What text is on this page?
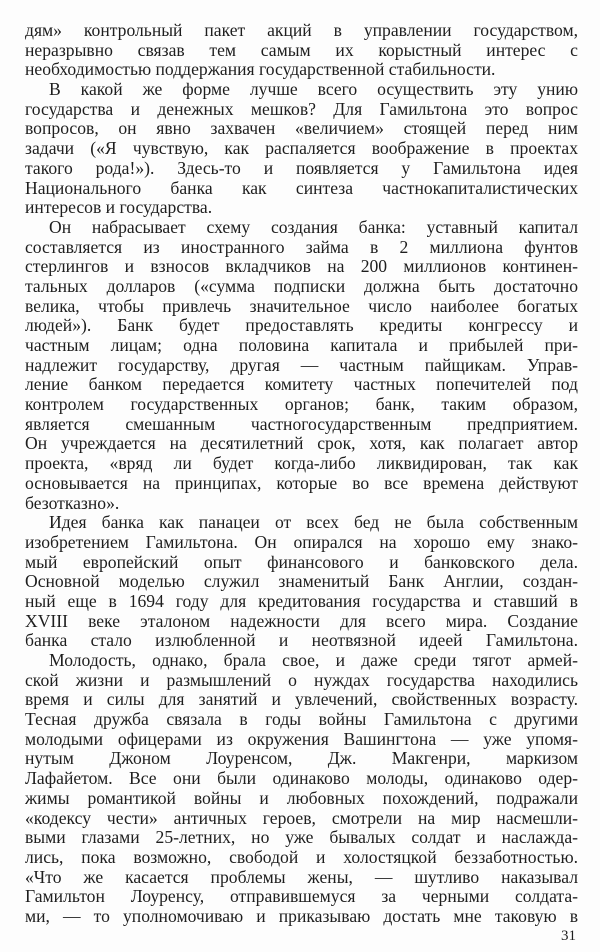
дям» контрольный пакет акций в управлении государством,
неразрывно связав тем самым их корыстный интерес с
необходимостью поддержания государственной стабильности.
В какой же форме лучше всего осуществить эту унию
государства и денежных мешков? Для Гамильтона это вопрос
вопросов, он явно захвачен «величием» стоящей перед ним
задачи («Я чувствую, как распаляется воображение в проектах
такого рода!»). Здесь-то и появляется у Гамильтона идея
Национального банка как синтеза частнокапиталистических
интересов и государства.
Он набрасывает схему создания банка: уставный капитал
составляется из иностранного займа в 2 миллиона фунтов
стерлингов и взносов вкладчиков на 200 миллионов континен-
тальных долларов («сумма подписки должна быть достаточно
велика, чтобы привлечь значительное число наиболее богатых
людей»). Банк будет предоставлять кредиты конгрессу и
частным лицам; одна половина капитала и прибылей при-
надлежит государству, другая — частным пайщикам. Управ-
ление банком передается комитету частных попечителей под
контролем государственных органов; банк, таким образом,
является смешанным частногосударственным предприятием.
Он учреждается на десятилетний срок, хотя, как полагает автор
проекта, «вряд ли будет когда-либо ликвидирован, так как
основывается на принципах, которые во все времена действуют
безотказно».
Идея банка как панацеи от всех бед не была собственным
изобретением Гамильтона. Он опирался на хорошо ему знако-
мый европейский опыт финансового и банковского дела.
Основной моделью служил знаменитый Банк Англии, создан-
ный еще в 1694 году для кредитования государства и ставший в
XVIII веке эталоном надежности для всего мира. Создание
банка стало излюбленной и неотвязной идеей Гамильтона.
Молодость, однако, брала свое, и даже среди тягот армей-
ской жизни и размышлений о нуждах государства находились
время и силы для занятий и увлечений, свойственных возрасту.
Тесная дружба связала в годы войны Гамильтона с другими
молодыми офицерами из окружения Вашингтона — уже упомя-
нутым Джоном Лоуренсом, Дж. Макгенри, маркизом
Лафайетом. Все они были одинаково молоды, одинаково одер-
жимы романтикой войны и любовных похождений, подражали
«кодексу чести» античных героев, смотрели на мир насмешли-
выми глазами 25-летних, но уже бывалых солдат и наслажда-
лись, пока возможно, свободой и холостяцкой беззаботностью.
«Что же касается проблемы жены, — шутливо наказывал
Гамильтон Лоуренсу, отправившемуся за черными солдата-
ми, — то уполномочиваю и приказываю достать мне таковую в
31
